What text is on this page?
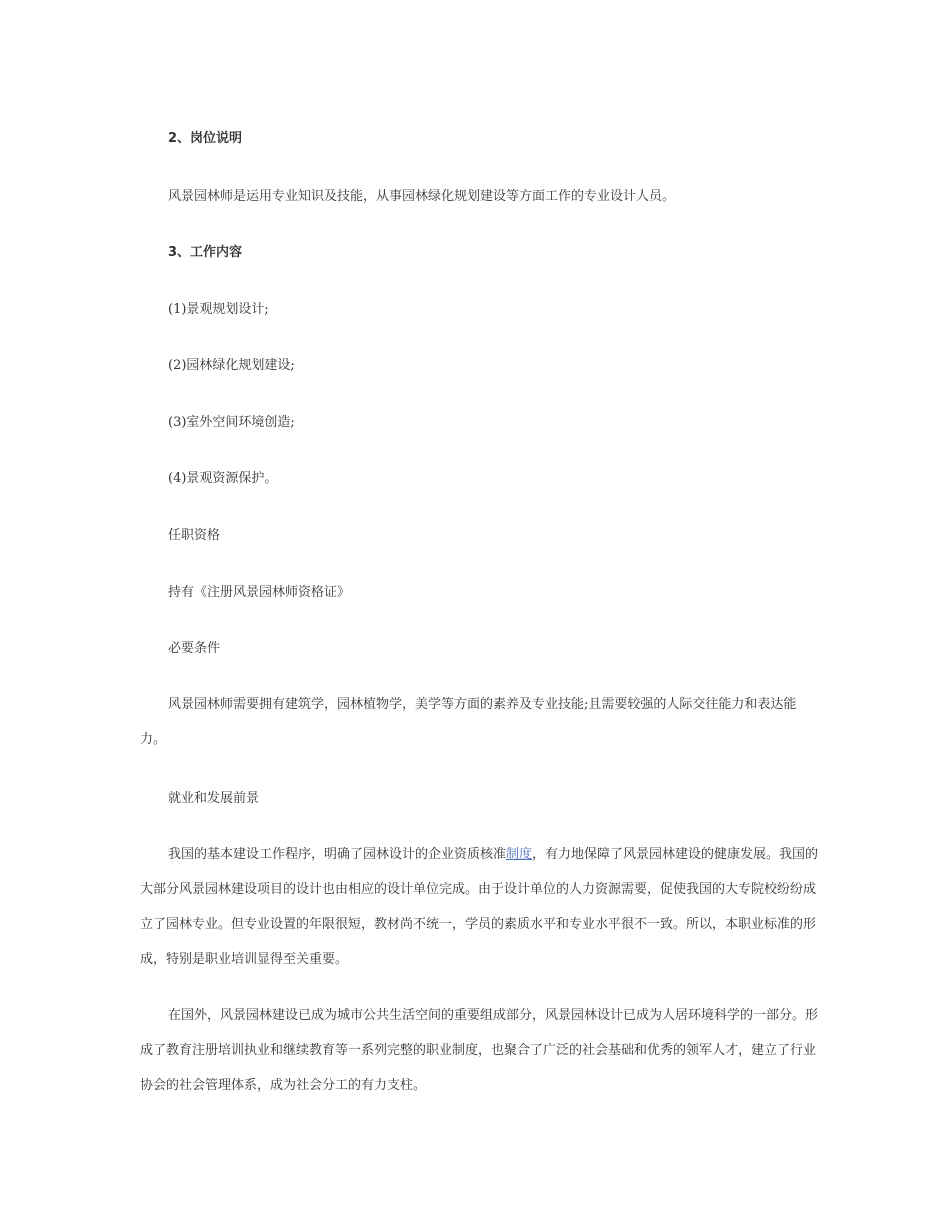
2、岗位说明

风景园林师是运用专业知识及技能，从事园林绿化规划建设等方面工作的专业设计人员。

3、工作内容

(1)景观规划设计;

(2)园林绿化规划建设;

(3)室外空间环境创造;

(4)景观资源保护。

任职资格

持有《注册风景园林师资格证》

必要条件

风景园林师需要拥有建筑学，园林植物学，美学等方面的素养及专业技能;且需要较强的人际交往能力和表达能力。

就业和发展前景

我国的基本建设工作程序，明确了园林设计的企业资质核准制度，有力地保障了风景园林建设的健康发展。我国的大部分风景园林建设项目的设计也由相应的设计单位完成。由于设计单位的人力资源需要，促使我国的大专院校纷纷成立了园林专业。但专业设置的年限很短，教材尚不统一，学员的素质水平和专业水平很不一致。所以，本职业标准的形成，特别是职业培训显得至关重要。

在国外，风景园林建设已成为城市公共生活空间的重要组成部分，风景园林设计已成为人居环境科学的一部分。形成了教育注册培训执业和继续教育等一系列完整的职业制度，也聚合了广泛的社会基础和优秀的领军人才，建立了行业协会的社会管理体系，成为社会分工的有力支柱。
